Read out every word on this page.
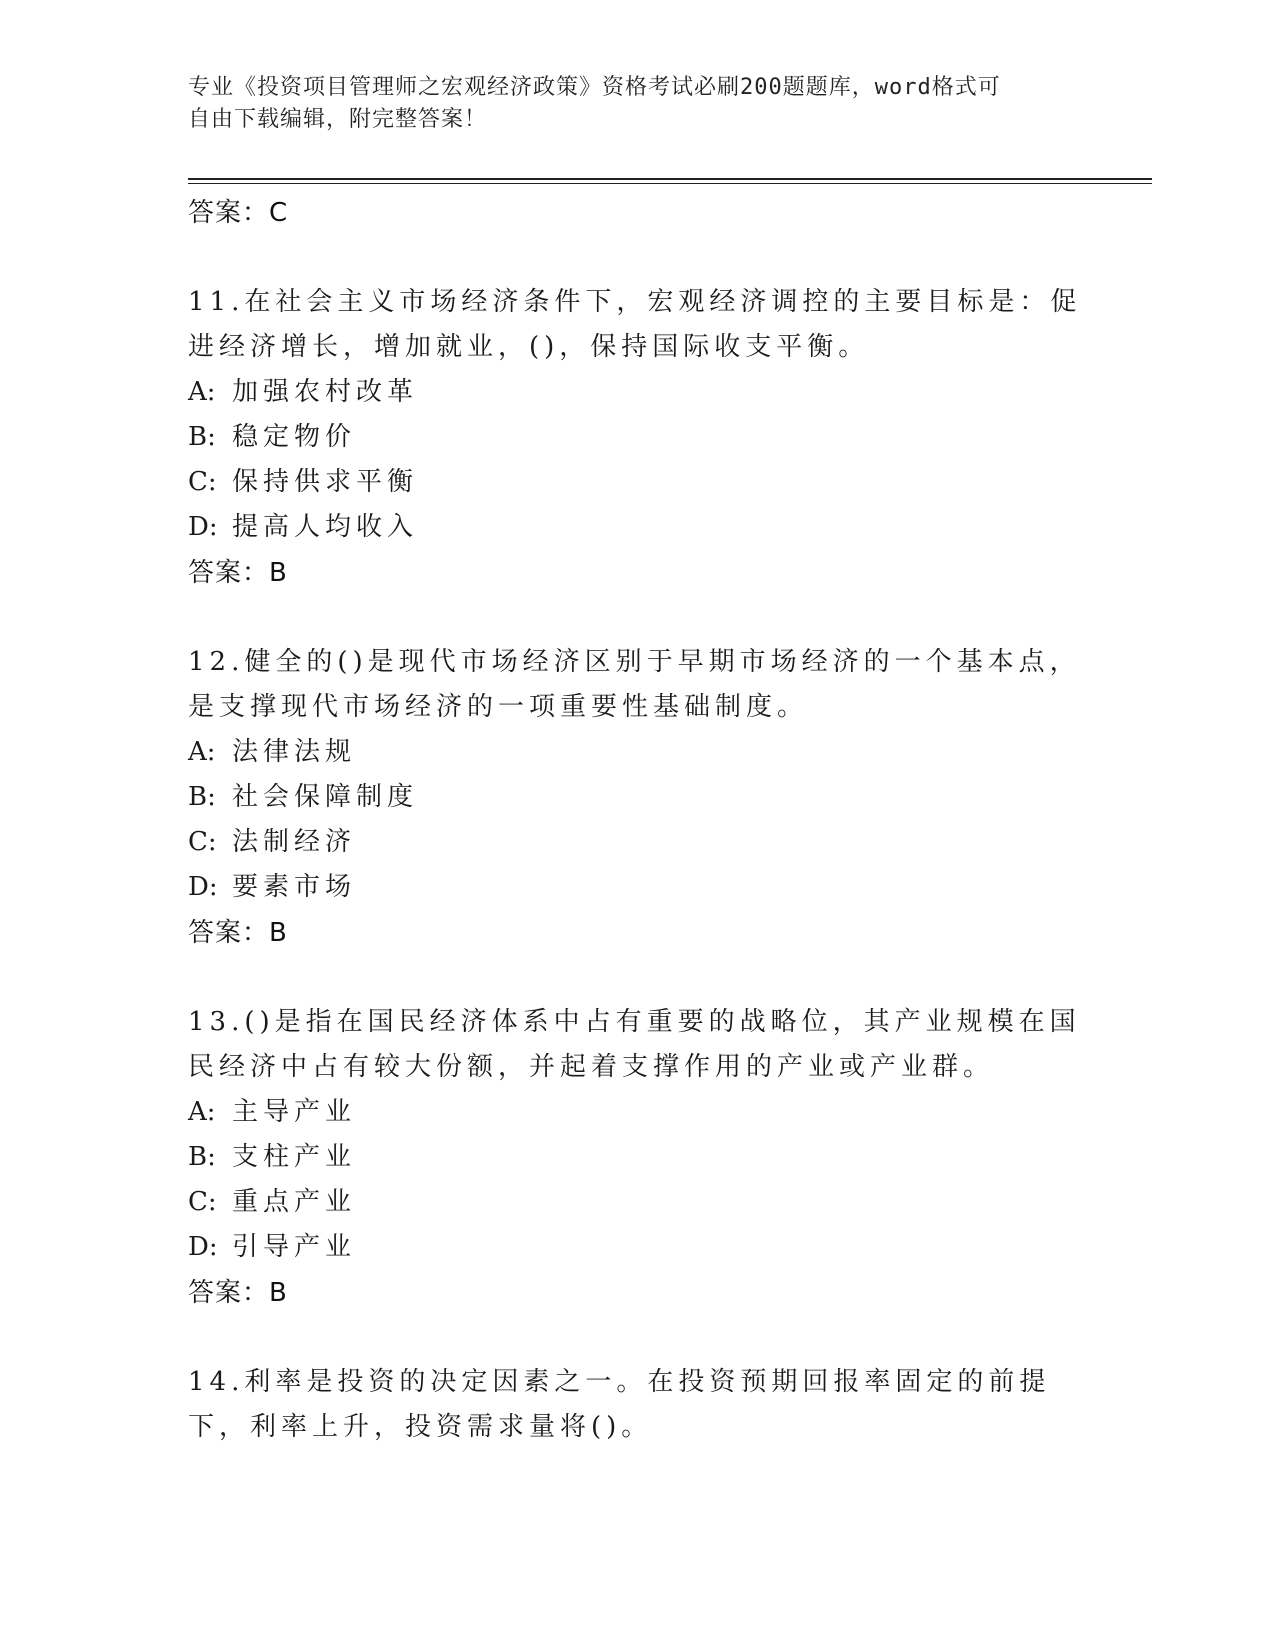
专业《投资项目管理师之宏观经济政策》资格考试必刷200题题库，word格式可
自由下载编辑，附完整答案！
答案：C
11.在社会主义市场经济条件下，宏观经济调控的主要目标是：促进经济增长，增加就业，()，保持国际收支平衡。
A: 加强农村改革
B: 稳定物价
C: 保持供求平衡
D: 提高人均收入
答案：B
12.健全的()是现代市场经济区别于早期市场经济的一个基本点，是支撑现代市场经济的一项重要性基础制度。
A: 法律法规
B: 社会保障制度
C: 法制经济
D: 要素市场
答案：B
13.()是指在国民经济体系中占有重要的战略位，其产业规模在国民经济中占有较大份额，并起着支撑作用的产业或产业群。
A: 主导产业
B: 支柱产业
C: 重点产业
D: 引导产业
答案：B
14.利率是投资的决定因素之一。在投资预期回报率固定的前提下，利率上升，投资需求量将()。
